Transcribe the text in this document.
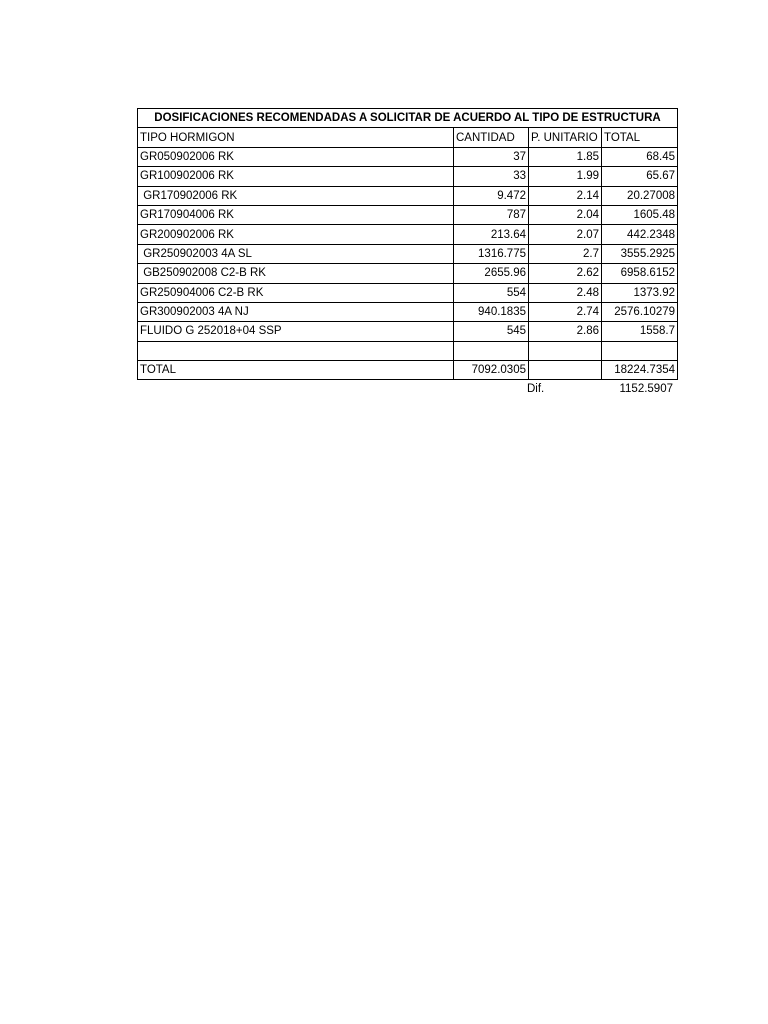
DOSIFICACIONES RECOMENDADAS A SOLICITAR DE ACUERDO AL TIPO DE ESTRUCTURA			
TIPO HORMIGON	CANTIDAD	P. UNITARIO	TOTAL
GR050902006 RK	37	1.85	68.45
GR100902006 RK	33	1.99	65.67
GR170902006 RK	9.472	2.14	20.27008
GR170904006 RK	787	2.04	1605.48
GR200902006 RK	213.64	2.07	442.2348
GR250902003 4A SL	1316.775	2.7	3555.2925
GB250902008 C2-B RK	2655.96	2.62	6958.6152
GR250904006 C2-B RK	554	2.48	1373.92
GR300902003 4A NJ	940.1835	2.74	2576.10279
FLUIDO G 252018+04 SSP	545	2.86	1558.7

TOTAL	7092.0305		18224.7354
Dif.	1152.5907
